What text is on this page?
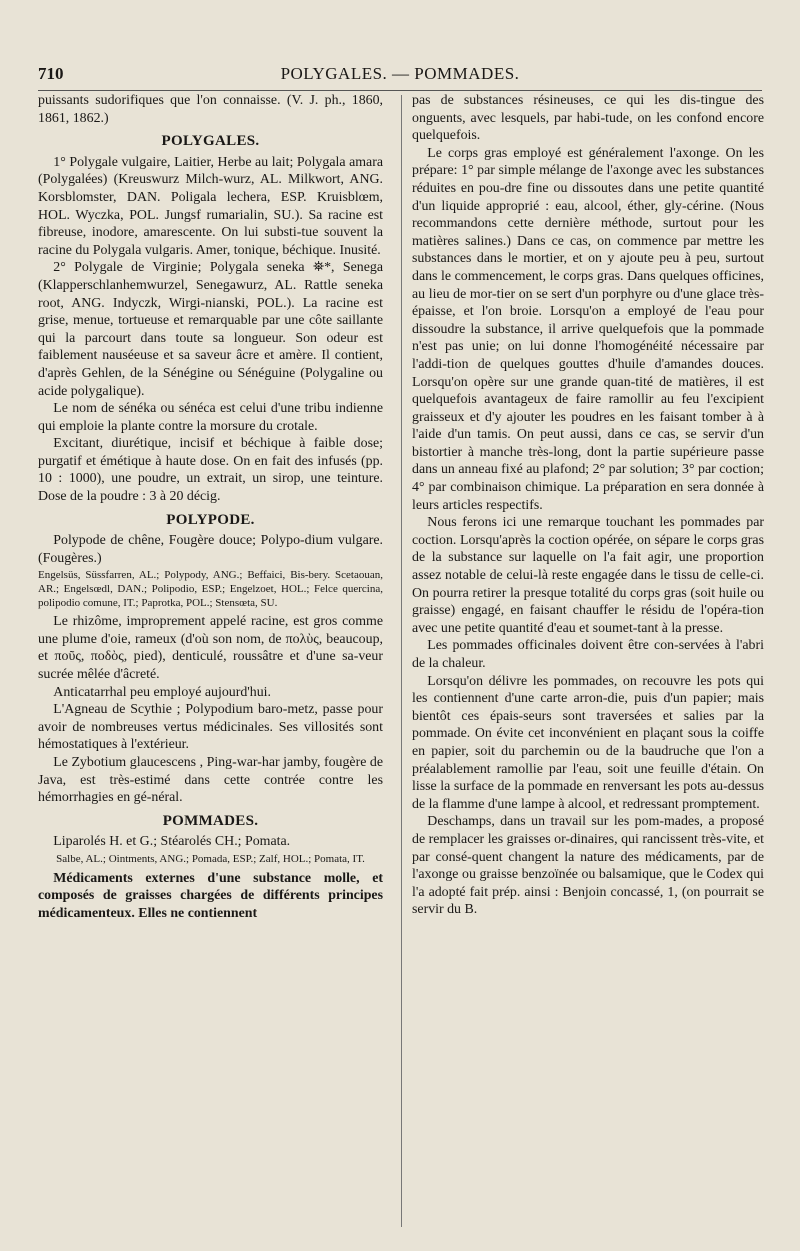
710	POLYGALES. — POMMADES.

puissants sudorifiques que l'on connaisse. (V. J. ph., 1860, 1861, 1862.)

POLYGALES.

1° Polygale vulgaire, Laitier, Herbe au lait; Polygala amara (Polygalées) (Kreuswurz Milch-wurz, AL. Milkwort, ANG. Korsblomster, DAN. Poligala lechera, ESP. Kruisblœm, HOL. Wyczka, POL. Jungsf rumarialin, SU.). Sa racine est fibreuse, inodore, amarescente. On lui substi-tue souvent la racine du Polygala vulgaris. Amer, tonique, béchique. Inusité.

2° Polygale de Virginie; Polygala seneka ⛯*, Senega (Klapperschlanhemwurzel, Senegawurz, AL. Rattle seneka root, ANG. Indyczk, Wirgi-nianski, POL.). La racine est grise, menue, tortueuse et remarquable par une côte saillante qui la parcourt dans toute sa longueur. Son odeur est faiblement nauséeuse et sa saveur âcre et amère. Il contient, d'après Gehlen, de la Sénégine ou Sénéguine (Polygaline ou acide polygalique).

Le nom de sénéka ou sénéca est celui d'une tribu indienne qui emploie la plante contre la morsure du crotale.

Excitant, diurétique, incisif et béchique à faible dose; purgatif et émétique à haute dose. On en fait des infusés (pp. 10 : 1000), une poudre, un extrait, un sirop, une teinture. Dose de la poudre : 3 à 20 décig.

POLYPODE.

Polypode de chêne, Fougère douce; Polypo-dium vulgare. (Fougères.)

Engelsüs, Süssfarren, AL.; Polypody, ANG.; Beffaici, Bis-bery. Scetaouan, AR.; Engelsœdl, DAN.; Polipodio, ESP.; Engelzoet, HOL.; Felce quercina, polipodio comune, IT.; Paprotka, POL.; Stensœta, SU.

Le rhizôme, improprement appelé racine, est gros comme une plume d'oie, rameux (d'où son nom, de πολὺς, beaucoup, et ποῦς, ποδὸς, pied), denticulé, roussâtre et d'une sa-veur sucrée mêlée d'âcreté.

Anticatarrhal peu employé aujourd'hui.

L'Agneau de Scythie ; Polypodium baro-metz, passe pour avoir de nombreuses vertus médicinales. Ses villosités sont hémostatiques à l'extérieur.

Le Zybotium glaucescens , Ping-war-har jamby, fougère de Java, est très-estimé dans cette contrée contre les hémorrhagies en gé-néral.

POMMADES.

Liparolés H. et G.; Stéarolés CH.; Pomata.

Salbe, AL.; Ointments, ANG.; Pomada, ESP.; Zalf, HOL.; Pomata, IT.

Médicaments externes d'une substance molle, et composés de graisses chargées de différents principes médicamenteux. Elles ne contiennent

pas de substances résineuses, ce qui les dis-tingue des onguents, avec lesquels, par habi-tude, on les confond encore quelquefois.

Le corps gras employé est généralement l'axonge. On les prépare: 1° par simple mélange de l'axonge avec les substances réduites en pou-dre fine ou dissoutes dans une petite quantité d'un liquide approprié : eau, alcool, éther, gly-cérine. (Nous recommandons cette dernière méthode, surtout pour les matières salines.) Dans ce cas, on commence par mettre les substances dans le mortier, et on y ajoute peu à peu, surtout dans le commencement, le corps gras. Dans quelques officines, au lieu de mor-tier on se sert d'un porphyre ou d'une glace très-épaisse, et l'on broie. Lorsqu'on a employé de l'eau pour dissoudre la substance, il arrive quelquefois que la pommade n'est pas unie; on lui donne l'homogénéité nécessaire par l'addi-tion de quelques gouttes d'huile d'amandes douces. Lorsqu'on opère sur une grande quan-tité de matières, il est quelquefois avantageux de faire ramollir au feu l'excipient graisseux et d'y ajouter les poudres en les faisant tomber à à l'aide d'un tamis. On peut aussi, dans ce cas, se servir d'un bistortier à manche très-long, dont la partie supérieure passe dans un anneau fixé au plafond; 2° par solution; 3° par coction; 4° par combinaison chimique. La préparation en sera donnée à leurs articles respectifs.

Nous ferons ici une remarque touchant les pommades par coction. Lorsqu'après la coction opérée, on sépare le corps gras de la substance sur laquelle on l'a fait agir, une proportion assez notable de celui-là reste engagée dans le tissu de celle-ci. On pourra retirer la presque totalité du corps gras (soit huile ou graisse) engagé, en faisant chauffer le résidu de l'opéra-tion avec une petite quantité d'eau et soumet-tant à la presse.

Les pommades officinales doivent être con-servées à l'abri de la chaleur.

Lorsqu'on délivre les pommades, on recouvre les pots qui les contiennent d'une carte arron-die, puis d'un papier; mais bientôt ces épais-seurs sont traversées et salies par la pommade. On évite cet inconvénient en plaçant sous la coiffe en papier, soit du parchemin ou de la baudruche que l'on a préalablement ramollie par l'eau, soit une feuille d'étain. On lisse la surface de la pommade en renversant les pots au-dessus de la flamme d'une lampe à alcool, et redressant promptement.

Deschamps, dans un travail sur les pom-mades, a proposé de remplacer les graisses or-dinaires, qui rancissent très-vite, et par consé-quent changent la nature des médicaments, par de l'axonge ou graisse benzoïnée ou balsamique, que le Codex qui l'a adopté fait prép. ainsi : Benjoin concassé, 1, (on pourrait se servir du B.
